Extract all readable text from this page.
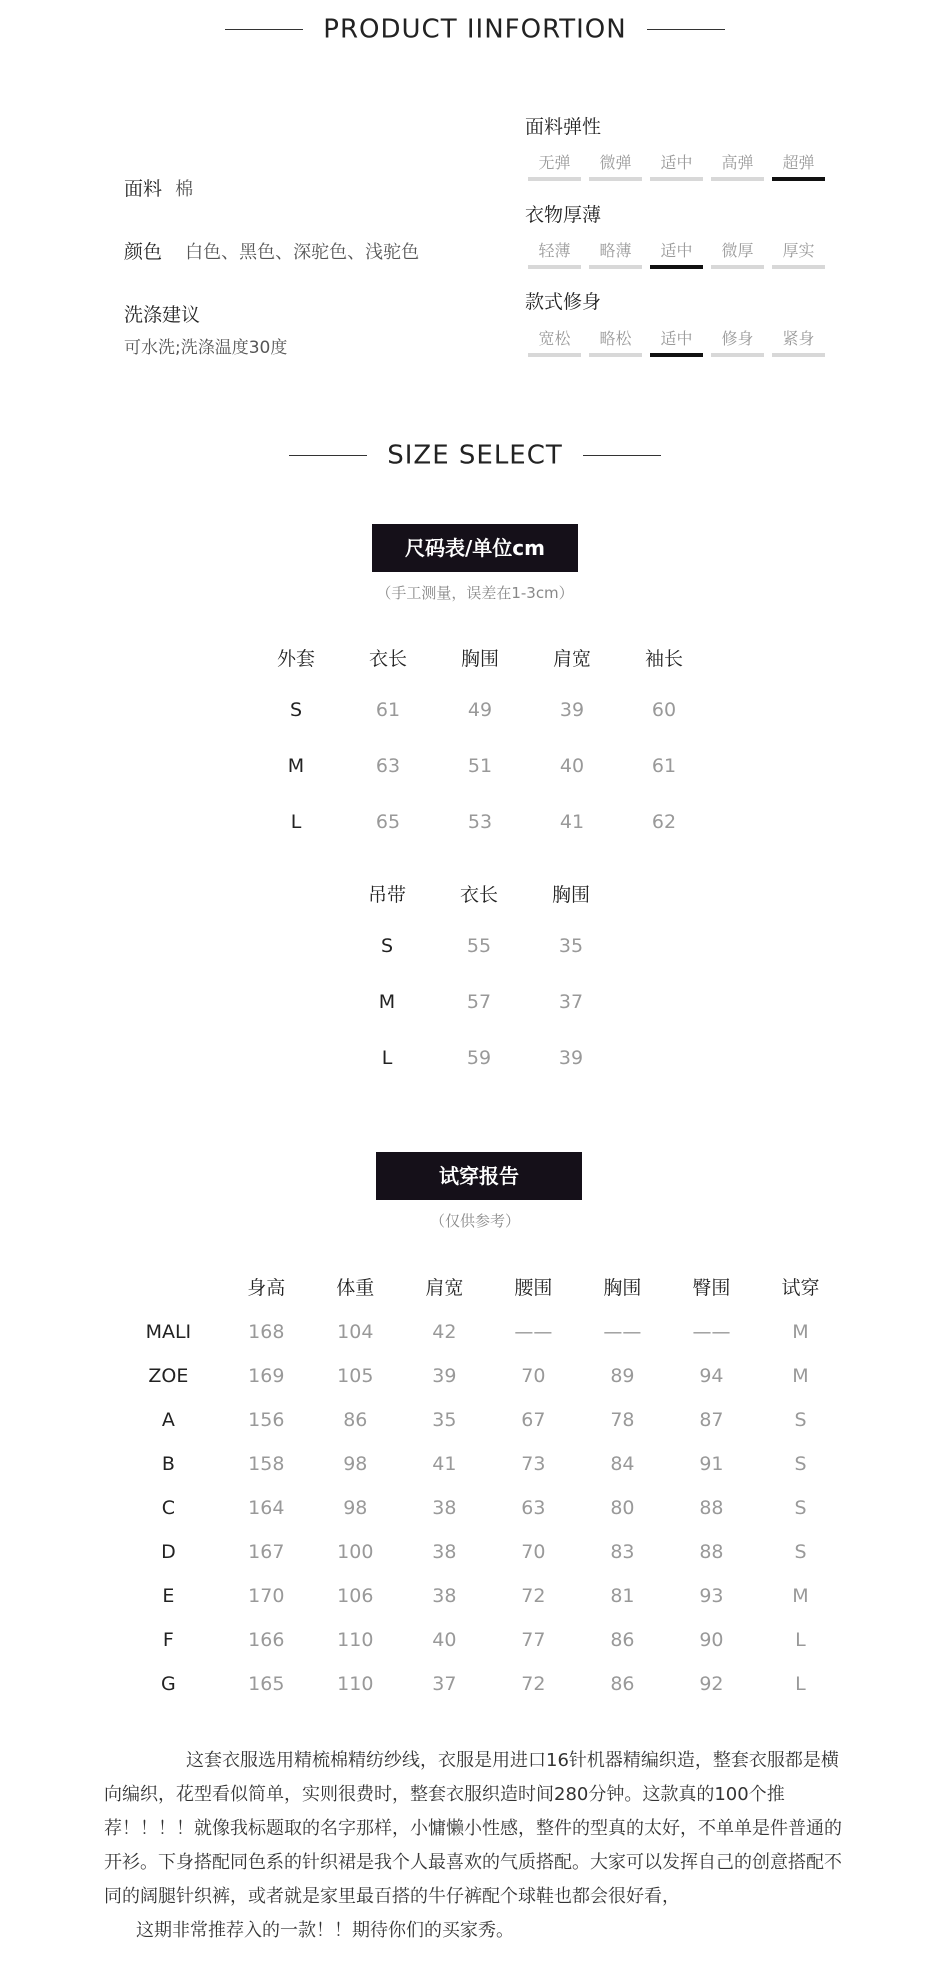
PRODUCT IINFORTION
面料 棉
颜色 白色、黑色、深驼色、浅驼色
洗涤建议
可水洗;洗涤温度30度
面料弹性
无弹	微弹	适中	高弹	超弹
衣物厚薄
轻薄	略薄	适中	微厚	厚实
款式修身
宽松	略松	适中	修身	紧身
SIZE SELECT
尺码表/单位cm
（手工测量，误差在1-3cm）
外套	衣长	胸围	肩宽	袖长
S	61	49	39	60
M	63	51	40	61
L	65	53	41	62
吊带	衣长	胸围
S	55	35
M	57	37
L	59	39
试穿报告
（仅供参考）
	身高	体重	肩宽	腰围	胸围	臀围	试穿
MALI	168	104	42	——	——	——	M
ZOE	169	105	39	70	89	94	M
A	156	86	35	67	78	87	S
B	158	98	41	73	84	91	S
C	164	98	38	63	80	88	S
D	167	100	38	70	83	88	S
E	170	106	38	72	81	93	M
F	166	110	40	77	86	90	L
G	165	110	37	72	86	92	L

这套衣服选用精梳棉精纺纱线，衣服是用进口16针机器精编织造，整套衣服都是横向编织，花型看似简单，实则很费时，整套衣服织造时间280分钟。这款真的100个推荐！！！！就像我标题取的名字那样，小慵懒小性感，整件的型真的太好，不单单是件普通的开衫。下身搭配同色系的针织裙是我个人最喜欢的气质搭配。大家可以发挥自己的创意搭配不同的阔腿针织裤，或者就是家里最百搭的牛仔裤配个球鞋也都会很好看，

这期非常推荐入的一款！！期待你们的买家秀。
